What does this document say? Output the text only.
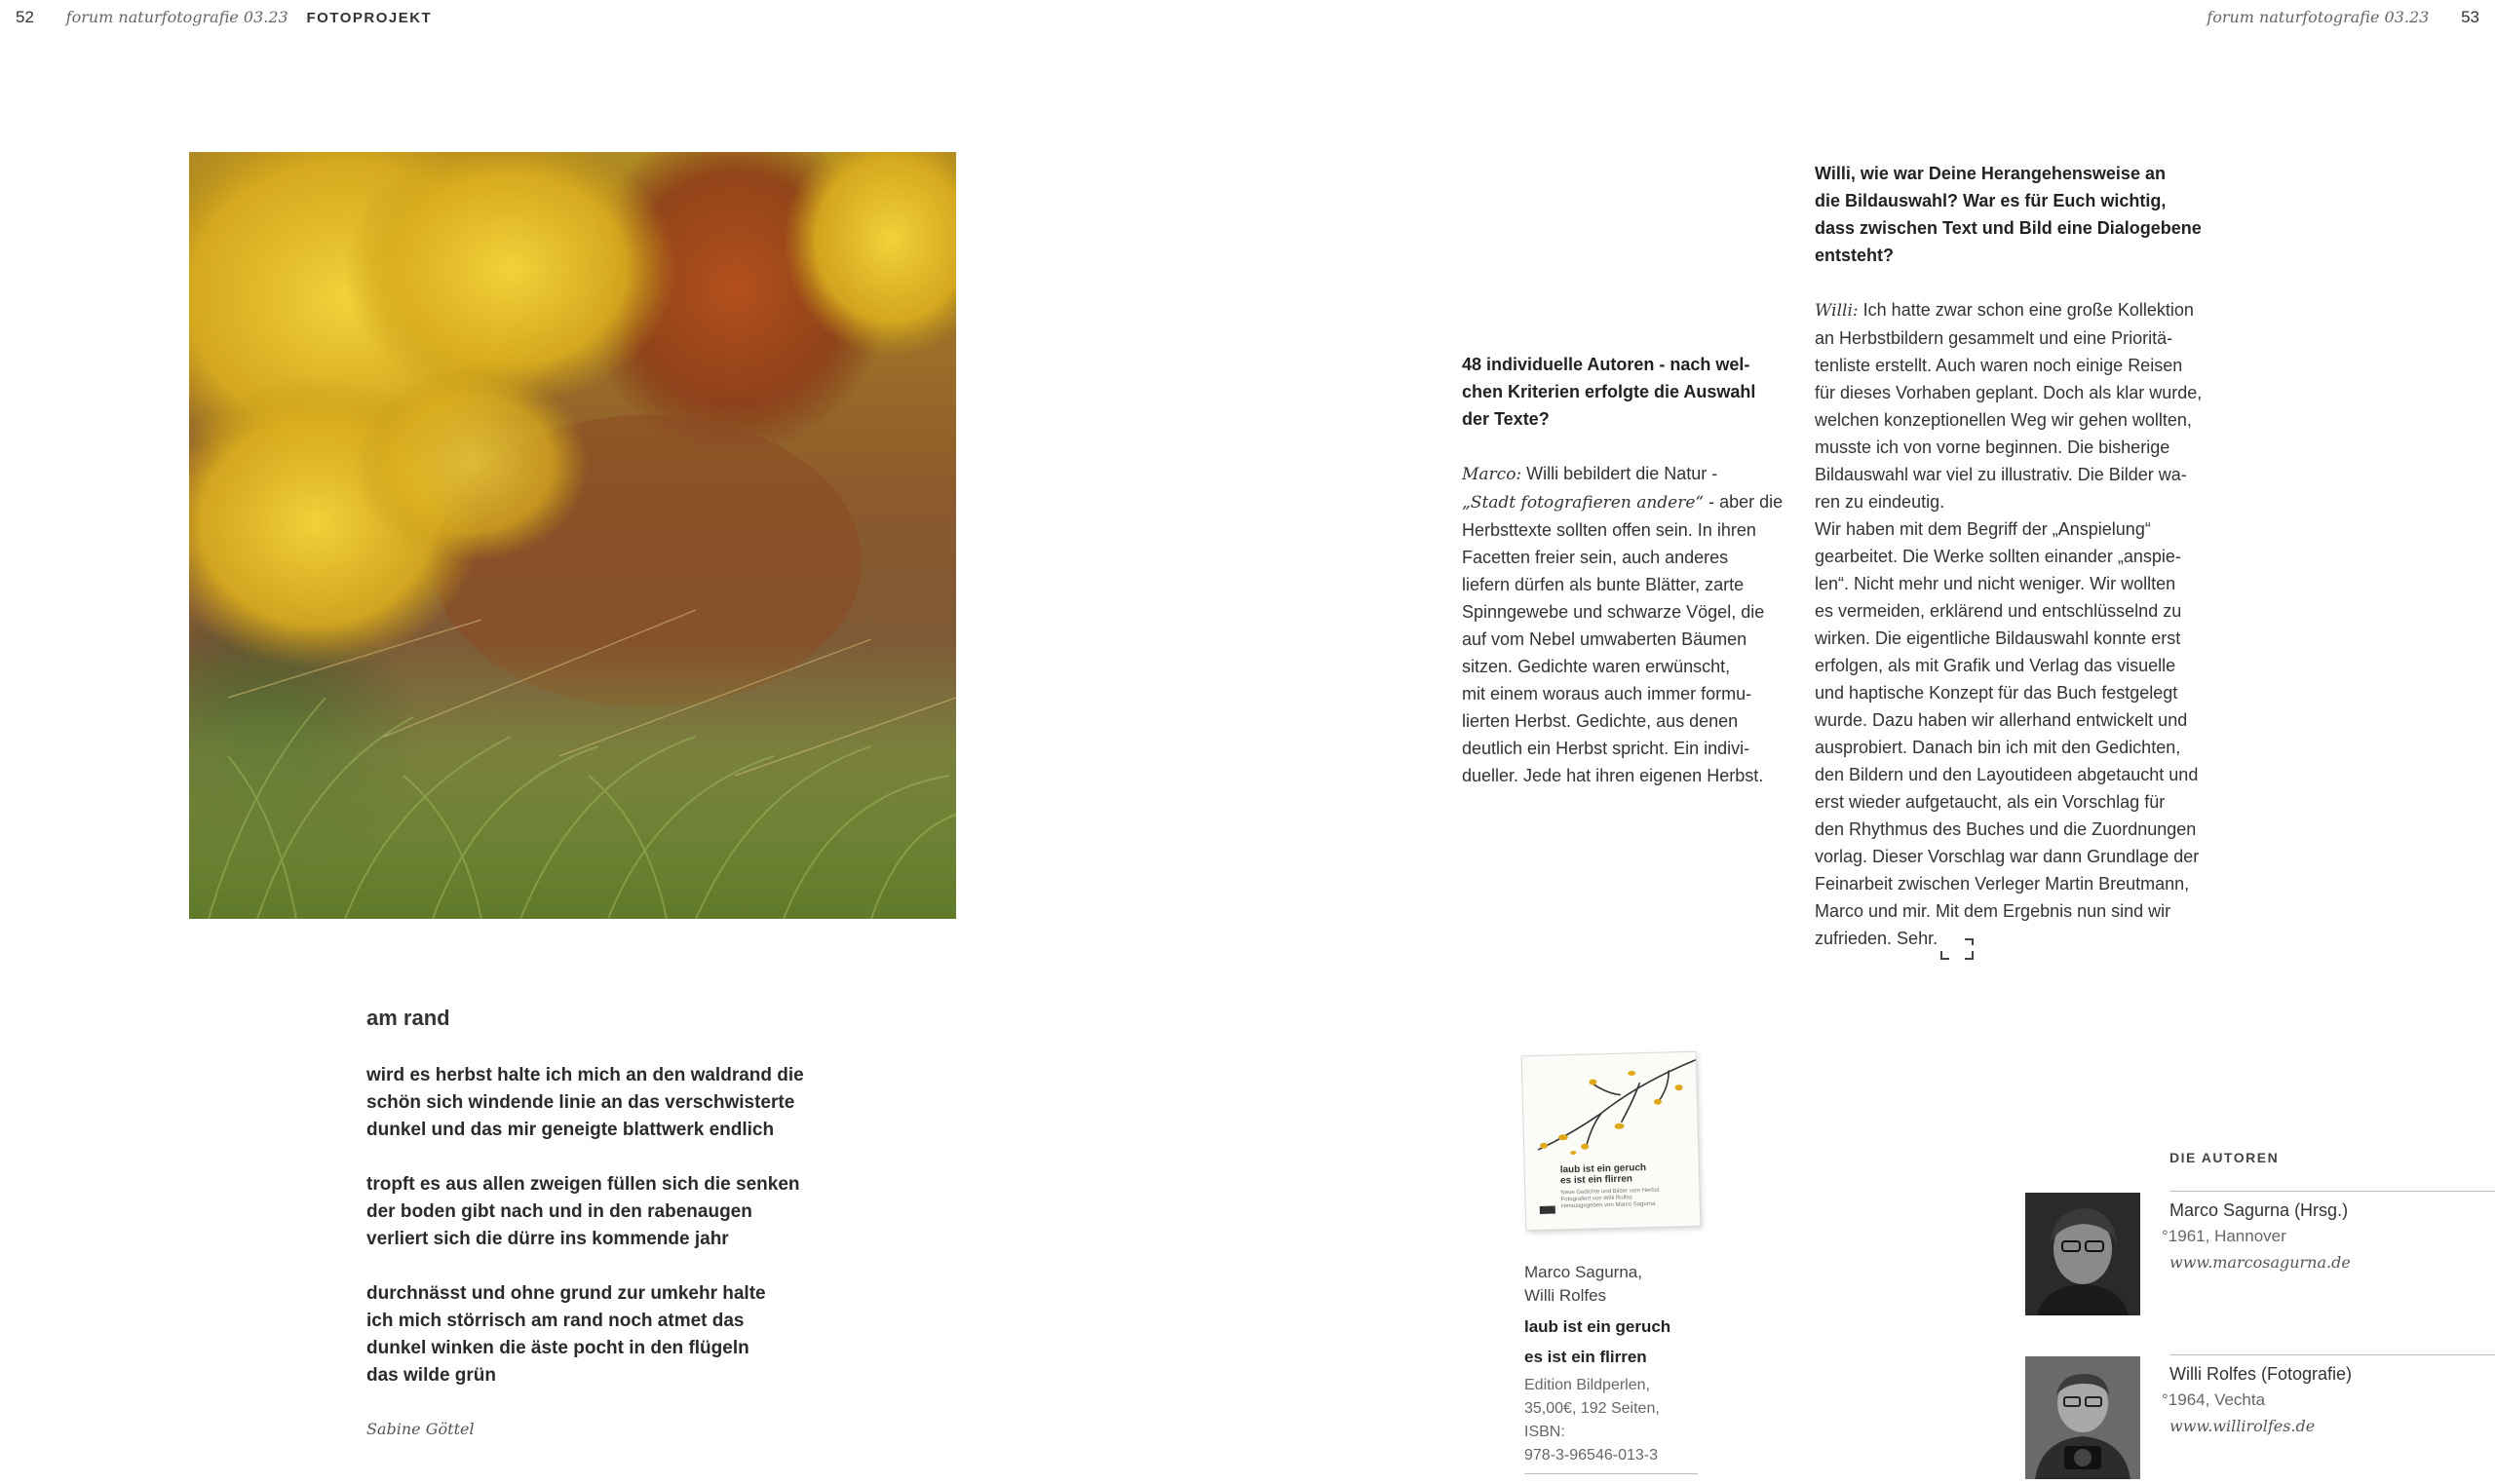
52 forum naturfotografie 03.23 FOTOPROJEKT	forum naturfotografie 03.23 53
am rand
wird es herbst halte ich mich an den waldrand die
schön sich windende linie an das verschwisterte
dunkel und das mir geneigte blattwerk endlich
tropft es aus allen zweigen füllen sich die senken
der boden gibt nach und in den rabenaugen
verliert sich die dürre ins kommende jahr
durchnässt und ohne grund zur umkehr halte
ich mich störrisch am rand noch atmet das
dunkel winken die äste pocht in den flügeln
das wilde grün
Sabine Göttel
48 individuelle Autoren - nach wel-
chen Kriterien erfolgte die Auswahl
der Texte?
Marco: Willi bebildert die Natur -
„Stadt fotografieren andere“ - aber die
Herbsttexte sollten offen sein. In ihren
Facetten freier sein, auch anderes
liefern dürfen als bunte Blätter, zarte
Spinngewebe und schwarze Vögel, die
auf vom Nebel umwaberten Bäumen
sitzen. Gedichte waren erwünscht,
mit einem woraus auch immer formu-
lierten Herbst. Gedichte, aus denen
deutlich ein Herbst spricht. Ein indivi-
dueller. Jede hat ihren eigenen Herbst.
Willi, wie war Deine Herangehensweise an
die Bildauswahl? War es für Euch wichtig,
dass zwischen Text und Bild eine Dialogebene
entsteht?
Willi: Ich hatte zwar schon eine große Kollektion
an Herbstbildern gesammelt und eine Prioritä-
tenliste erstellt. Auch waren noch einige Reisen
für dieses Vorhaben geplant. Doch als klar wurde,
welchen konzeptionellen Weg wir gehen wollten,
musste ich von vorne beginnen. Die bisherige
Bildauswahl war viel zu illustrativ. Die Bilder wa-
ren zu eindeutig.
Wir haben mit dem Begriff der „Anspielung“
gearbeitet. Die Werke sollten einander „anspie-
len“. Nicht mehr und nicht weniger. Wir wollten
es vermeiden, erklärend und entschlüsselnd zu
wirken. Die eigentliche Bildauswahl konnte erst
erfolgen, als mit Grafik und Verlag das visuelle
und haptische Konzept für das Buch festgelegt
wurde. Dazu haben wir allerhand entwickelt und
ausprobiert. Danach bin ich mit den Gedichten,
den Bildern und den Layoutideen abgetaucht und
erst wieder aufgetaucht, als ein Vorschlag für
den Rhythmus des Buches und die Zuordnungen
vorlag. Dieser Vorschlag war dann Grundlage der
Feinarbeit zwischen Verleger Martin Breutmann,
Marco und mir. Mit dem Ergebnis nun sind wir
zufrieden. Sehr.
laub ist ein geruch
es ist ein flirren
Neue Gedichte und Bilder vom Herbst
Fotografiert von Willi Rolfes
Herausgegeben von Marco Sagurna
Marco Sagurna,
Willi Rolfes
laub ist ein geruch
es ist ein flirren
Edition Bildperlen,
35,00€, 192 Seiten,
ISBN:
978-3-96546-013-3
DIE AUTOREN
Marco Sagurna (Hrsg.)
°1961, Hannover
www.marcosagurna.de
Willi Rolfes (Fotografie)
°1964, Vechta
www.willirolfes.de
